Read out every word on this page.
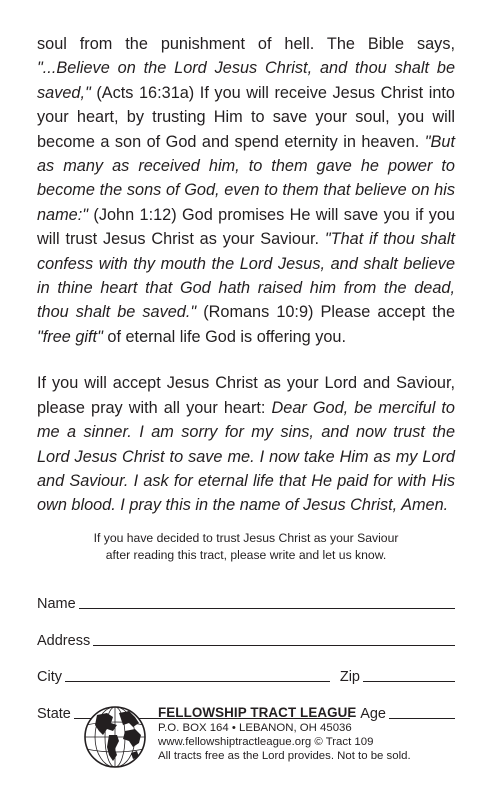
soul from the punishment of hell. The Bible says, "...Believe on the Lord Jesus Christ, and thou shalt be saved," (Acts 16:31a) If you will receive Jesus Christ into your heart, by trusting Him to save your soul, you will become a son of God and spend eternity in heaven. "But as many as received him, to them gave he power to become the sons of God, even to them that believe on his name:" (John 1:12) God promises He will save you if you will trust Jesus Christ as your Saviour. "That if thou shalt confess with thy mouth the Lord Jesus, and shalt believe in thine heart that God hath raised him from the dead, thou shalt be saved." (Romans 10:9) Please accept the "free gift" of eternal life God is offering you.

If you will accept Jesus Christ as your Lord and Saviour, please pray with all your heart: Dear God, be merciful to me a sinner. I am sorry for my sins, and now trust the Lord Jesus Christ to save me. I now take Him as my Lord and Saviour. I ask for eternal life that He paid for with His own blood. I pray this in the name of Jesus Christ, Amen.

If you have decided to trust Jesus Christ as your Saviour
after reading this tract, please write and let us know.

Name
Address
City	Zip
State	Age
FELLOWSHIP TRACT LEAGUE
P.O. BOX 164 • LEBANON, OH 45036
www.fellowshiptractleague.org © Tract 109
All tracts free as the Lord provides. Not to be sold.
